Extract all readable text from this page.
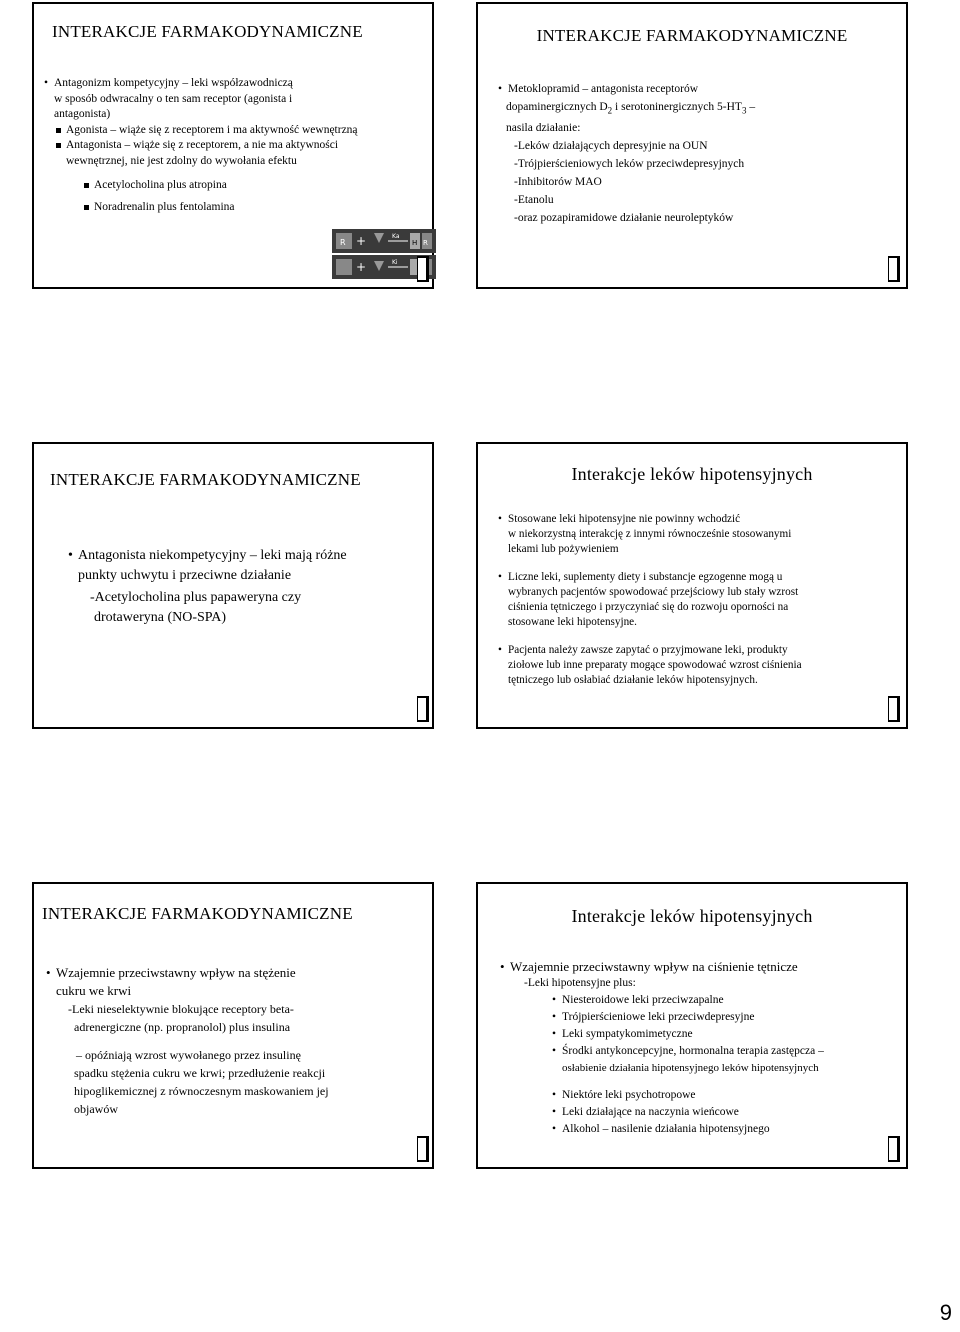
INTERAKCJE FARMAKODYNAMICZNE

• Antagonizm kompetycyjny – leki współzawodniczą

w sposób odwracalny o ten sam receptor (agonista i

antagonista)

Agonista – wiąże się z receptorem i ma aktywność wewnętrzną

Antagonista – wiąże się z receptorem, a nie ma aktywności

wewnętrznej, nie jest zdolny do wywołania efektu

Acetylocholina plus atropina

Noradrenalin plus fentolamina

R +	Ka
H R
+	Ki
INTERAKCJE FARMAKODYNAMICZNE

• Metoklopramid – antagonista receptorów

dopaminergicznych $D_2$ i serotoninergicznych $5-HT_3$ –

nasila działanie:

-Leków działających depresyjnie na OUN

-Trójpierścieniowych leków przeciwdepresyjnych

-Inhibitorów MAO

-Etanolu

-oraz pozapiramidowe działanie neuroleptyków

INTERAKCJE FARMAKODYNAMICZNE

• Antagonista niekompetycyjny – leki mają różne

punkty uchwytu i przeciwne działanie

-Acetylocholina plus papaweryna czy

drotaweryna (NO-SPA)

Interakcje leków hipotensyjnych

• Stosowane leki hipotensyjne nie powinny wchodzić

w niekorzystną interakcję z innymi równocześnie stosowanymi

lekami lub pożywieniem

• Liczne leki, suplementy diety i substancje egzogenne mogą u

wybranych pacjentów spowodować przejściowy lub stały wzrost

ciśnienia tętniczego i przyczyniać się do rozwoju oporności na

stosowane leki hipotensyjne.

• Pacjenta należy zawsze zapytać o przyjmowane leki, produkty

ziołowe lub inne preparaty mogące spowodować wzrost ciśnienia

tętniczego lub osłabiać działanie leków hipotensyjnych.

INTERAKCJE FARMAKODYNAMICZNE

• Wzajemnie przeciwstawny wpływ na stężenie

cukru we krwi

-Leki nieselektywnie blokujące receptory beta-

adrenergiczne (np. propranolol) plus insulina

– opóźniają wzrost wywołanego przez insulinę

spadku stężenia cukru we krwi; przedłużenie reakcji

hipoglikemicznej z równoczesnym maskowaniem jej

objawów

Interakcje leków hipotensyjnych

• Wzajemnie przeciwstawny wpływ na ciśnienie tętnicze

-Leki hipotensyjne plus:

• Niesteroidowe leki przeciwzapalne

• Trójpierścieniowe leki przeciwdepresyjne

• Leki sympatykomimetyczne

• Środki antykoncepcyjne, hormonalna terapia zastępcza –

osłabienie działania hipotensyjnego leków hipotensyjnych

• Niektóre leki psychotropowe

• Leki działające na naczynia wieńcowe

• Alkohol – nasilenie działania hipotensyjnego

9
